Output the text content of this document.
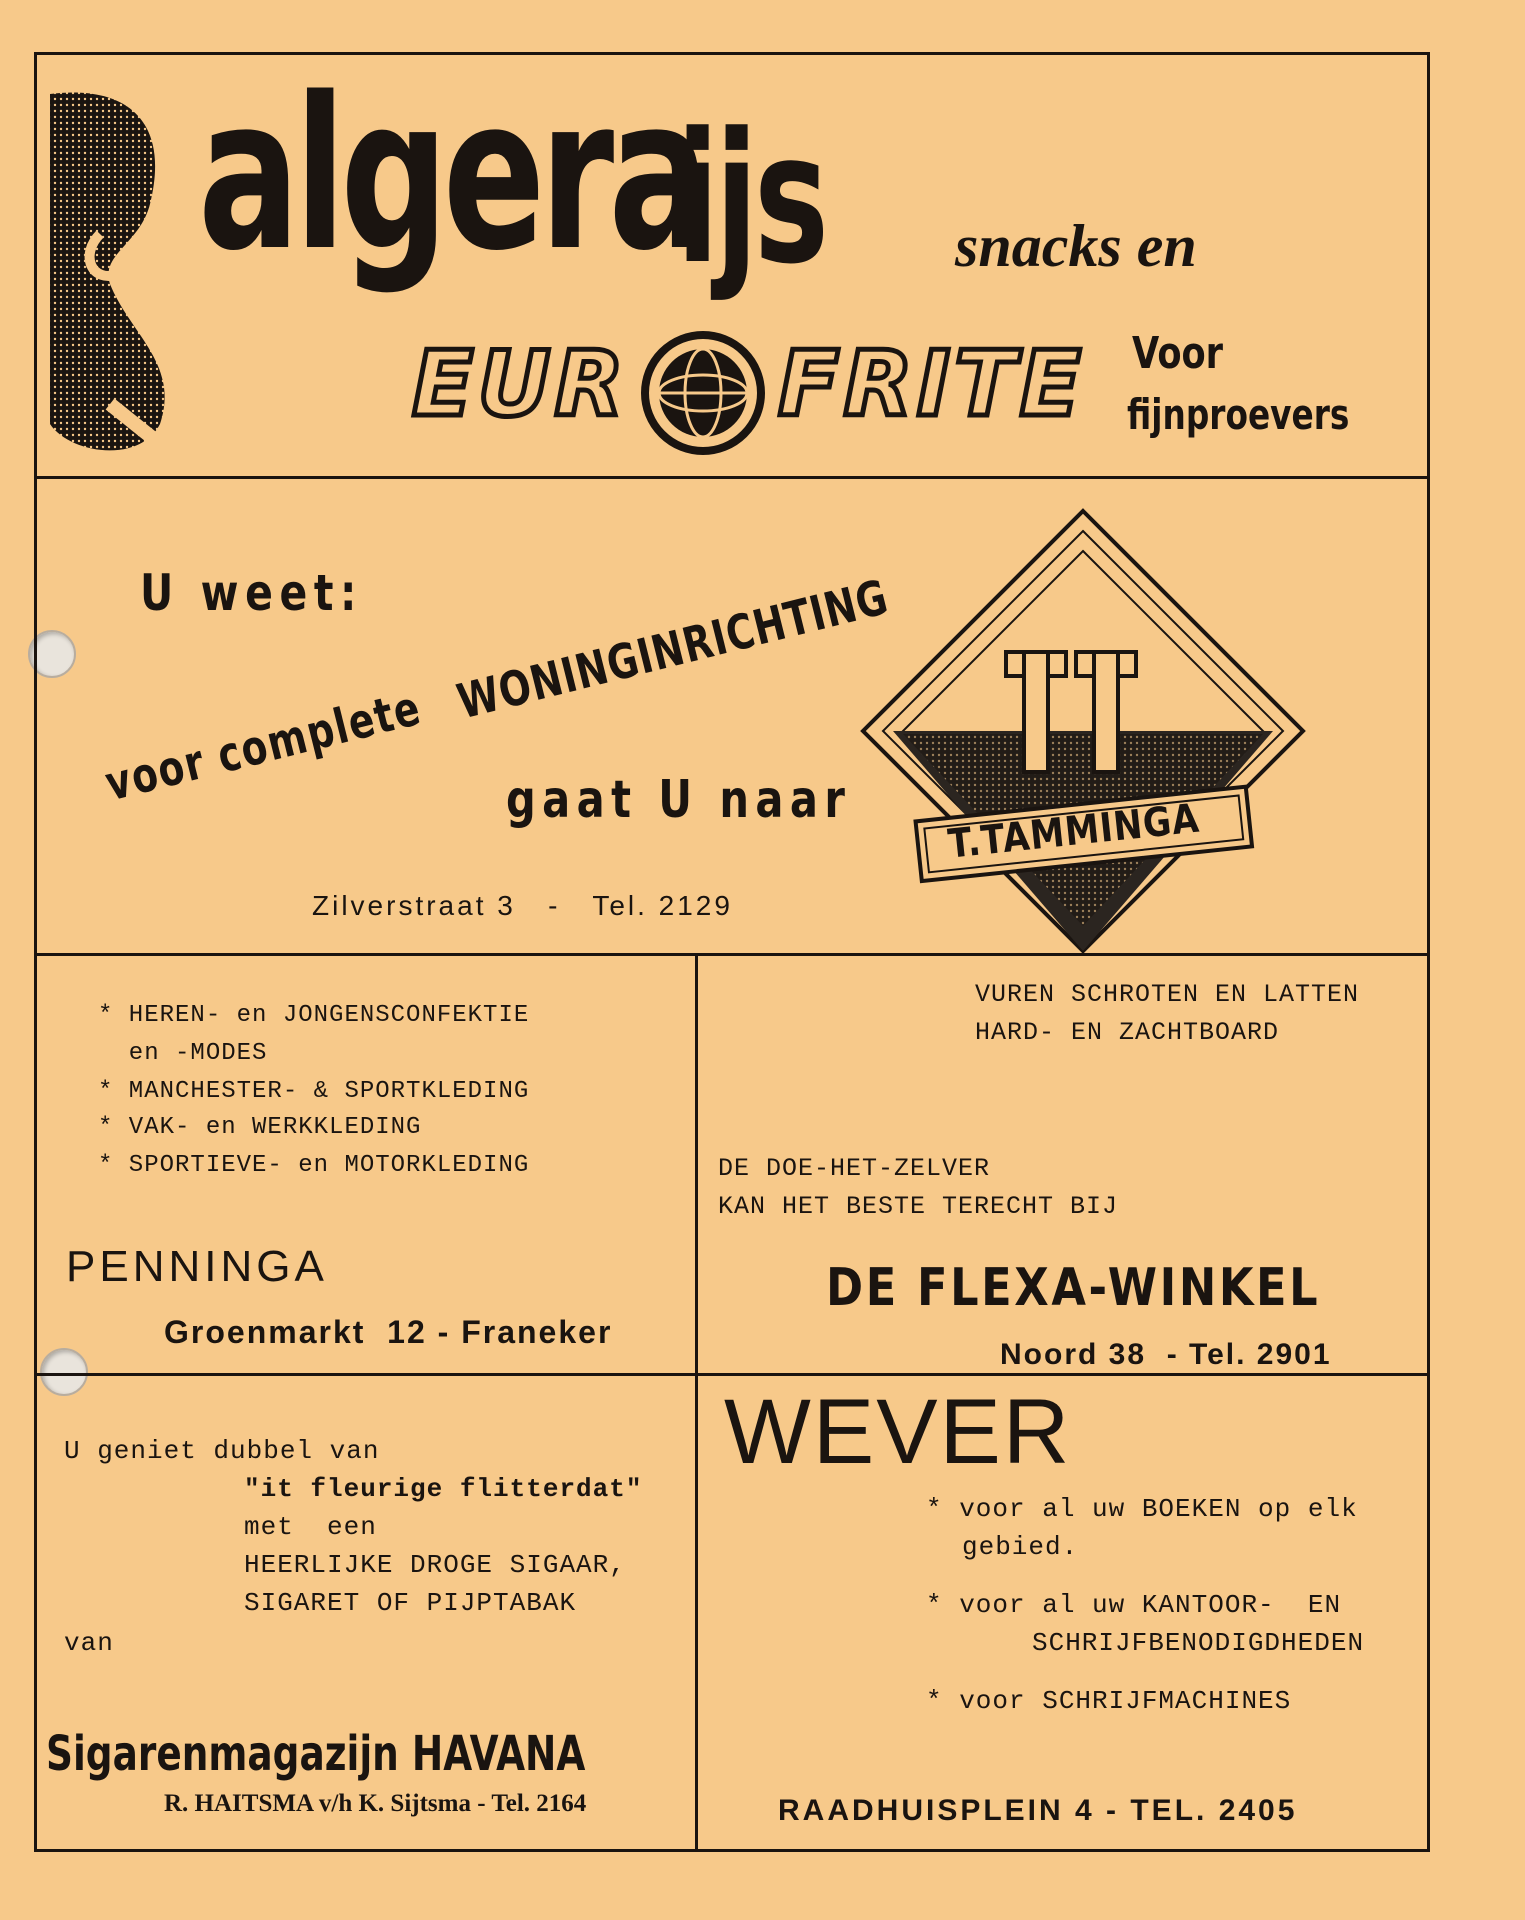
algera
ijs snacks en
EUR FRITE Voor
fijnproevers
U weet:
voor complete
WONINGINRICHTING
gaat U naar
Zilverstraat 3   -   Tel. 2129
T.TAMMINGA
* HEREN- en JONGENSCONFEKTIE
en -MODES
* MANCHESTER- & SPORTKLEDING
* VAK- en WERKKLEDING
* SPORTIEVE- en MOTORKLEDING
PENNINGA
Groenmarkt  12 - Franeker
VUREN SCHROTEN EN LATTEN
HARD- EN ZACHTBOARD
DE DOE-HET-ZELVER
KAN HET BESTE TERECHT BIJ
DE FLEXA-WINKEL
Noord 38  - Tel. 2901
U geniet dubbel van
"it fleurige flitterdat"
met  een
HEERLIJKE DROGE SIGAAR,
SIGARET OF PIJPTABAK
van
Sigarenmagazijn HAVANA
R. HAITSMA v/h K. Sijtsma - Tel. 2164
WEVER
* voor al uw BOEKEN op elk
gebied.
* voor al uw KANTOOR-  EN
SCHRIJFBENODIGDHEDEN
* voor SCHRIJFMACHINES
RAADHUISPLEIN 4 - TEL. 2405
